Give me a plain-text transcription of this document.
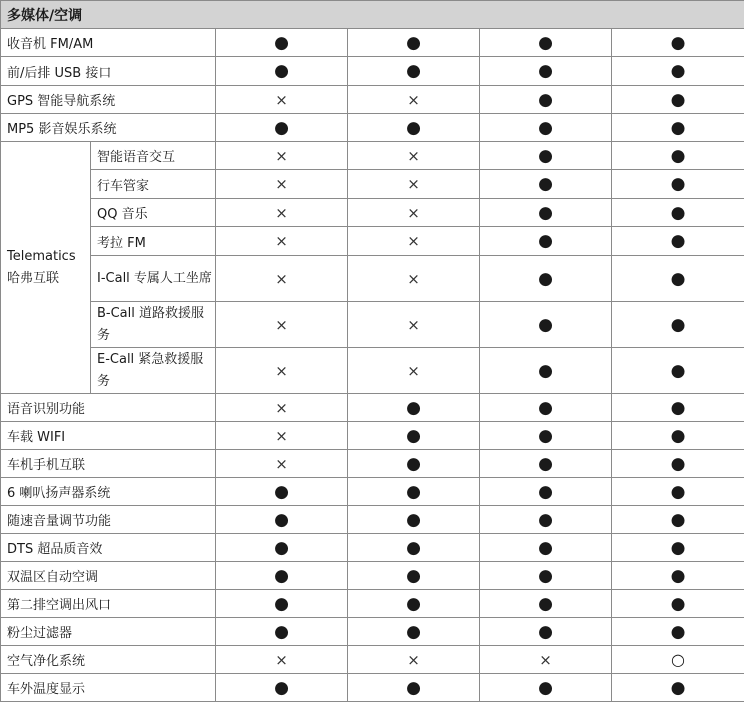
多媒体/空调					
收音机 FM/AM		●	●	●	●
前/后排 USB 接口		●	●	●	●
GPS 智能导航系统		×	×	●	●
MP5 影音娱乐系统		●	●	●	●
Telematics 哈弗互联	智能语音交互	×	×	●	●
	行车管家	×	×	●	●
	QQ 音乐	×	×	●	●
	考拉 FM	×	×	●	●
	I-Call 专属人工坐席	×	×	●	●
	B-Call 道路救援服务	×	×	●	●
	E-Call 紧急救援服务	×	×	●	●
语音识别功能		×	●	●	●
车载 WIFI		×	●	●	●
车机手机互联		×	●	●	●
6 喇叭扬声器系统		●	●	●	●
随速音量调节功能		●	●	●	●
DTS 超品质音效		●	●	●	●
双温区自动空调		●	●	●	●
第二排空调出风口		●	●	●	●
粉尘过滤器		●	●	●	●
空气净化系统		×	×	×	○
车外温度显示		●	●	●	●
